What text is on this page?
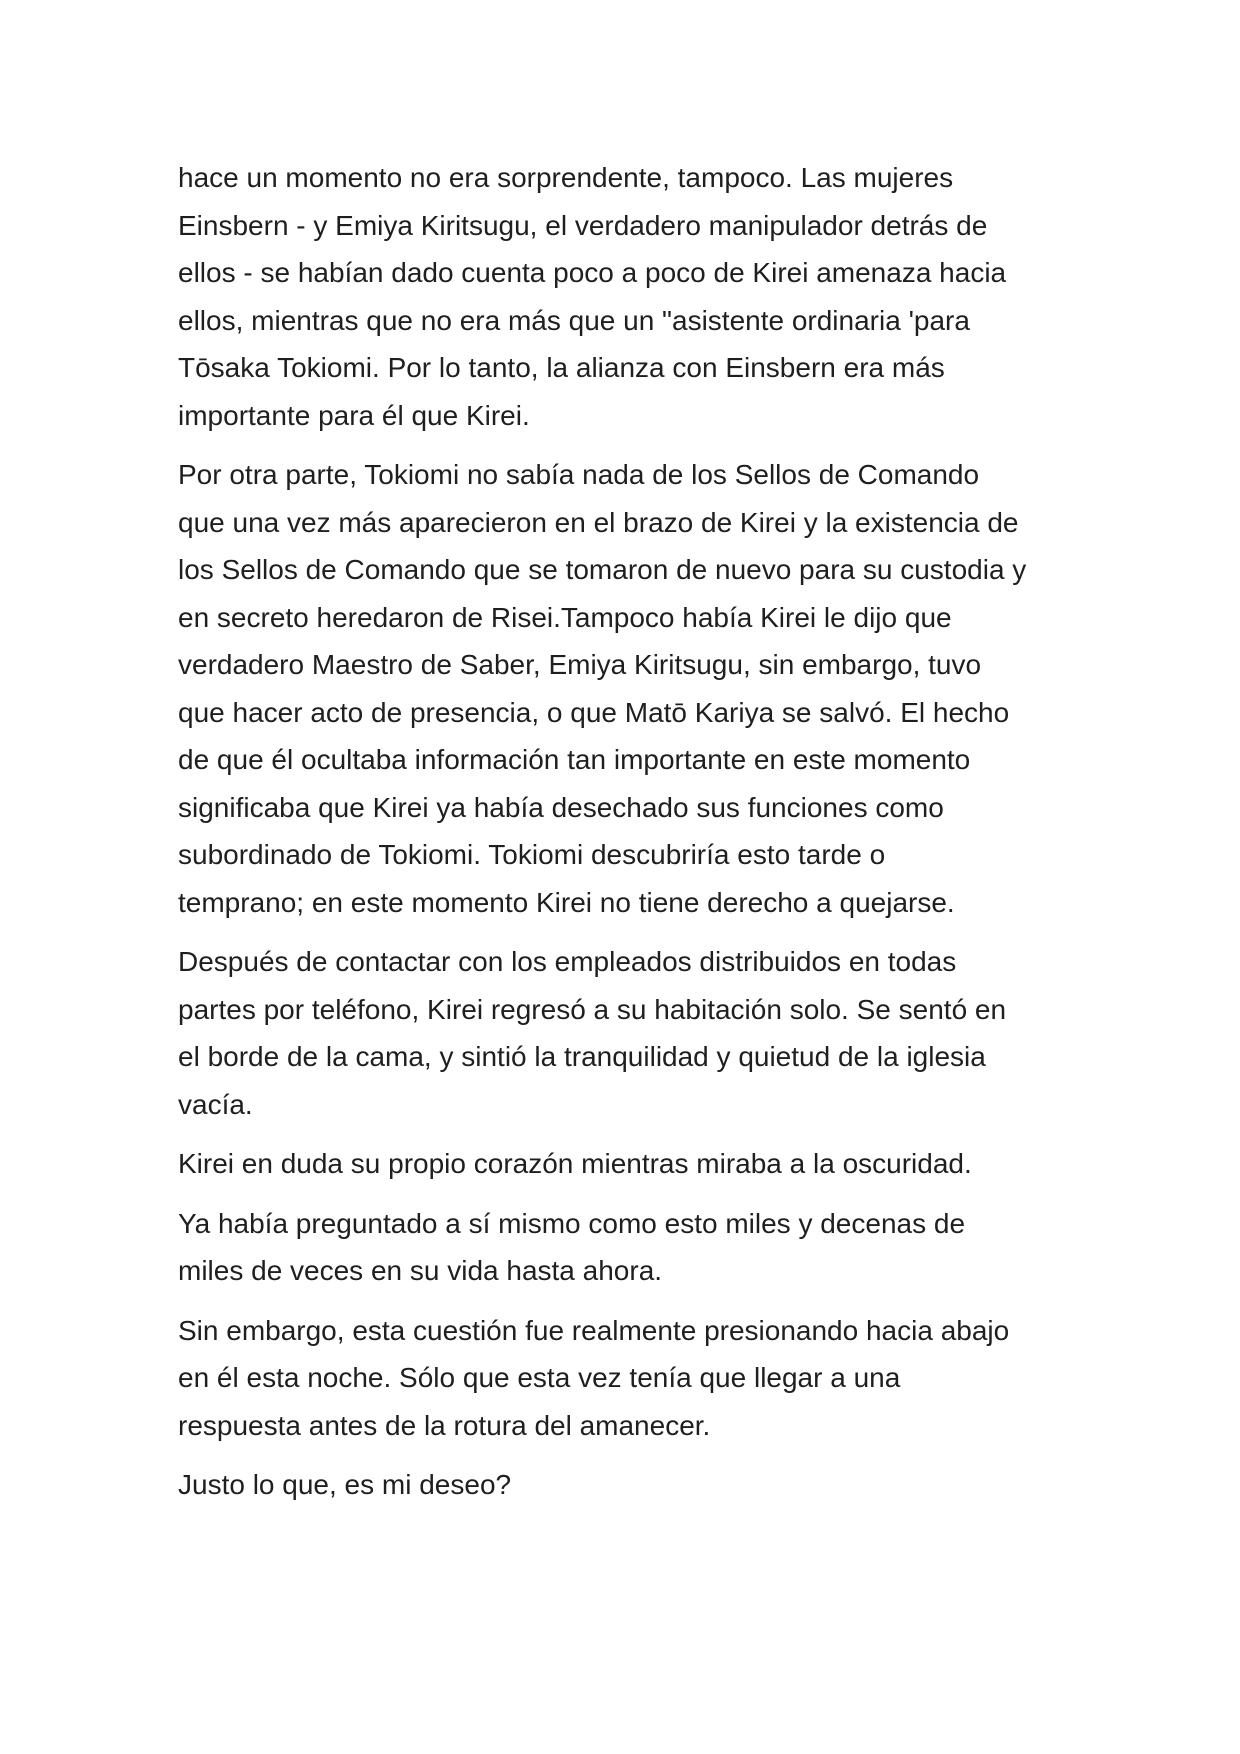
hace un momento no era sorprendente, tampoco. Las mujeres
Einsbern - y Emiya Kiritsugu, el verdadero manipulador detrás de
ellos - se habían dado cuenta poco a poco de Kirei amenaza hacia
ellos, mientras que no era más que un "asistente ordinaria 'para
Tōsaka Tokiomi. Por lo tanto, la alianza con Einsbern era más
importante para él que Kirei.

Por otra parte, Tokiomi no sabía nada de los Sellos de Comando
que una vez más aparecieron en el brazo de Kirei y la existencia de
los Sellos de Comando que se tomaron de nuevo para su custodia y
en secreto heredaron de Risei.Tampoco había Kirei le dijo que
verdadero Maestro de Saber, Emiya Kiritsugu, sin embargo, tuvo
que hacer acto de presencia, o que Matō Kariya se salvó. El hecho
de que él ocultaba información tan importante en este momento
significaba que Kirei ya había desechado sus funciones como
subordinado de Tokiomi. Tokiomi descubriría esto tarde o
temprano; en este momento Kirei no tiene derecho a quejarse.

Después de contactar con los empleados distribuidos en todas
partes por teléfono, Kirei regresó a su habitación solo. Se sentó en
el borde de la cama, y sintió la tranquilidad y quietud de la iglesia
vacía.

Kirei en duda su propio corazón mientras miraba a la oscuridad.

Ya había preguntado a sí mismo como esto miles y decenas de
miles de veces en su vida hasta ahora.

Sin embargo, esta cuestión fue realmente presionando hacia abajo
en él esta noche. Sólo que esta vez tenía que llegar a una
respuesta antes de la rotura del amanecer.

Justo lo que, es mi deseo?
